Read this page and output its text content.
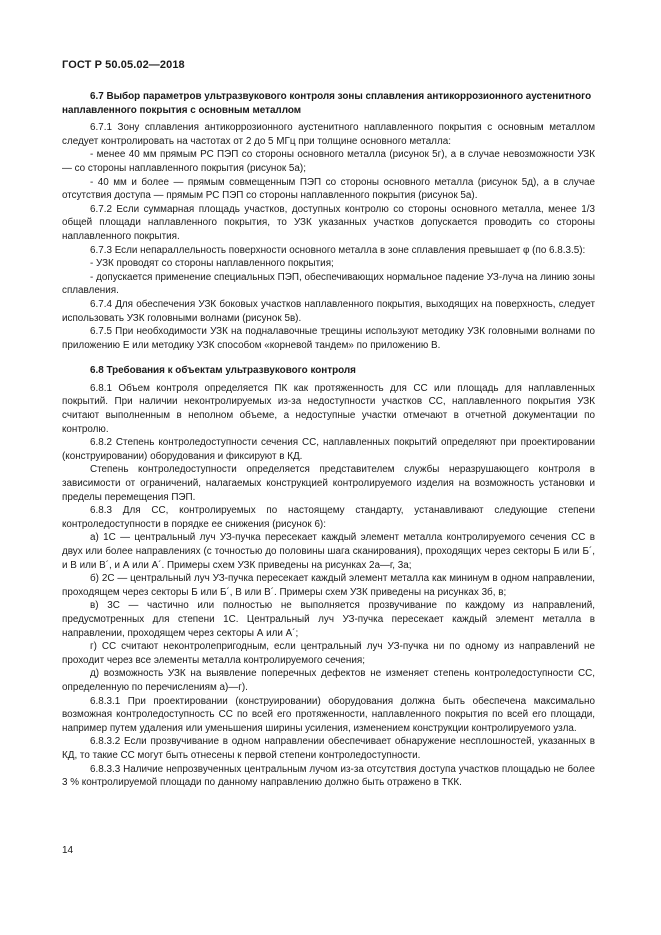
ГОСТ Р 50.05.02—2018
6.7 Выбор параметров ультразвукового контроля зоны сплавления антикоррозионного аустенитного наплавленного покрытия с основным металлом

6.7.1 Зону сплавления антикоррозионного аустенитного наплавленного покрытия с основным металлом следует контролировать на частотах от 2 до 5 МГц при толщине основного металла:

- менее 40 мм прямым РС ПЭП со стороны основного металла (рисунок 5г), а в случае невозможности УЗК — со стороны наплавленного покрытия (рисунок 5а);

- 40 мм и более — прямым совмещенным ПЭП со стороны основного металла (рисунок 5д), а в случае отсутствия доступа — прямым РС ПЭП со стороны наплавленного покрытия (рисунок 5а).

6.7.2 Если суммарная площадь участков, доступных контролю со стороны основного металла, менее 1/3 общей площади наплавленного покрытия, то УЗК указанных участков допускается проводить со стороны наплавленного покрытия.

6.7.3 Если непараллельность поверхности основного металла в зоне сплавления превышает φ (по 6.8.3.5):

- УЗК проводят со стороны наплавленного покрытия;

- допускается применение специальных ПЭП, обеспечивающих нормальное падение УЗ-луча на линию зоны сплавления.

6.7.4 Для обеспечения УЗК боковых участков наплавленного покрытия, выходящих на поверхность, следует использовать УЗК головными волнами (рисунок 5в).

6.7.5 При необходимости УЗК на подналавочные трещины используют методику УЗК головными волнами по приложению Е или методику УЗК способом «корневой тандем» по приложению В.

6.8 Требования к объектам ультразвукового контроля

6.8.1 Объем контроля определяется ПК как протяженность для СС или площадь для наплавленных покрытий. При наличии неконтролируемых из-за недоступности участков СС, наплавленного покрытия УЗК считают выполненным в неполном объеме, а недоступные участки отмечают в отчетной документации по контролю.

6.8.2 Степень контроледоступности сечения СС, наплавленных покрытий определяют при проектировании (конструировании) оборудования и фиксируют в КД.

Степень контроледоступности определяется представителем службы неразрушающего контроля в зависимости от ограничений, налагаемых конструкцией контролируемого изделия на возможность установки и пределы перемещения ПЭП.

6.8.3 Для СС, контролируемых по настоящему стандарту, устанавливают следующие степени контроледоступности в порядке ее снижения (рисунок 6):

а) 1С — центральный луч УЗ-пучка пересекает каждый элемент металла контролируемого сечения СС в двух или более направлениях (с точностью до половины шага сканирования), проходящих через секторы Б или Б´, и В или В´, и А или А´. Примеры схем УЗК приведены на рисунках 2а—г, 3а;

б) 2С — центральный луч УЗ-пучка пересекает каждый элемент металла как мининум в одном направлении, проходящем через секторы Б или Б´, В или В´. Примеры схем УЗК приведены на рисунках 3б, в;

в) 3С — частично или полностью не выполняется прозвучивание по каждому из направлений, предусмотренных для степени 1С. Центральный луч УЗ-пучка пересекает каждый элемент металла в направлении, проходящем через секторы А или А´;

г) СС считают неконтролепригодным, если центральный луч УЗ-пучка ни по одному из направлений не проходит через все элементы металла контролируемого сечения;

д) возможность УЗК на выявление поперечных дефектов не изменяет степень контроледоступности СС, определенную по перечислениям а)—г).

6.8.3.1 При проектировании (конструировании) оборудования должна быть обеспечена максимально возможная контроледоступность СС по всей его протяженности, наплавленного покрытия по всей его площади, например путем удаления или уменьшения ширины усиления, изменением конструкции контролируемого узла.

6.8.3.2 Если прозвучивание в одном направлении обеспечивает обнаружение несплошностей, указанных в КД, то такие СС могут быть отнесены к первой степени контроледоступности.

6.8.3.3 Наличие непрозвученных центральным лучом из-за отсутствия доступа участков площадью не более 3 % контролируемой площади по данному направлению должно быть отражено в ТКК.

14
